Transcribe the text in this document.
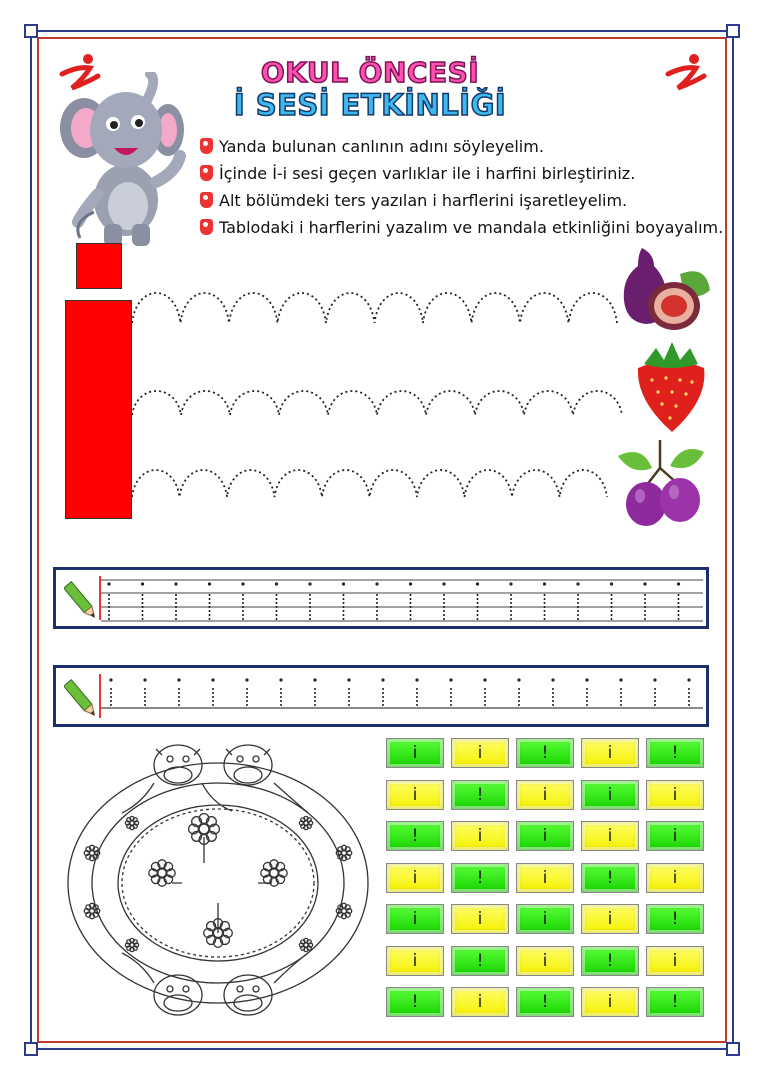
OKUL ÖNCESİ
İ SESİ ETKİNLİĞİ
Yanda bulunan canlının adını söyleyelim.
İçinde İ-i sesi geçen varlıklar ile i harfini birleştiriniz.
Alt bölümdeki ters yazılan i harflerini işaretleyelim.
Tablodaki i harflerini yazalım ve mandala etkinliğini boyayalım.
i	i	!	i	!
i	!	i	i	i
!	i	i	i	i
i	!	i	!	i
i	i	i	i	!
i	!	i	!	i
!	i	!	i	!
